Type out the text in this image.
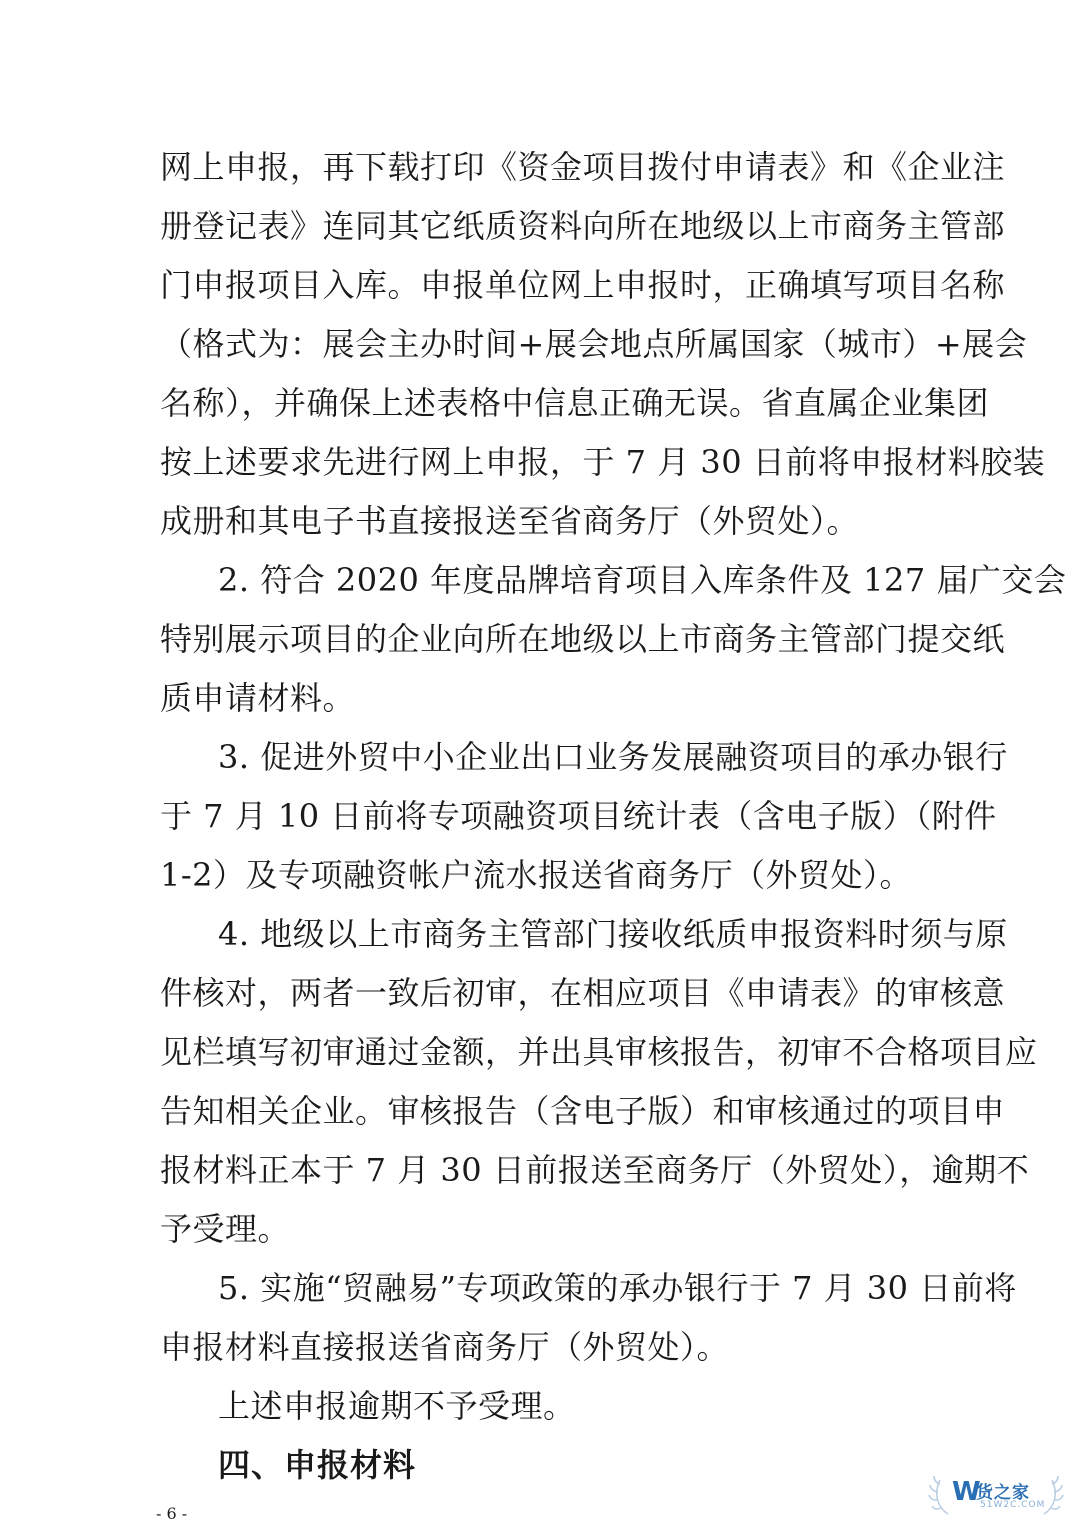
网上申报，再下载打印《资金项目拨付申请表》和《企业注
册登记表》连同其它纸质资料向所在地级以上市商务主管部
门申报项目入库。申报单位网上申报时，正确填写项目名称
（格式为：展会主办时间+展会地点所属国家（城市）+展会
名称），并确保上述表格中信息正确无误。省直属企业集团
按上述要求先进行网上申报，于 7 月 30 日前将申报材料胶装
成册和其电子书直接报送至省商务厅（外贸处）。
2. 符合 2020 年度品牌培育项目入库条件及 127 届广交会
特别展示项目的企业向所在地级以上市商务主管部门提交纸
质申请材料。
3. 促进外贸中小企业出口业务发展融资项目的承办银行
于 7 月 10 日前将专项融资项目统计表（含电子版）（附件
1-2）及专项融资帐户流水报送省商务厅（外贸处）。
4. 地级以上市商务主管部门接收纸质申报资料时须与原
件核对，两者一致后初审，在相应项目《申请表》的审核意
见栏填写初审通过金额，并出具审核报告，初审不合格项目应
告知相关企业。审核报告（含电子版）和审核通过的项目申
报材料正本于 7 月 30 日前报送至商务厅（外贸处），逾期不
予受理。
5. 实施“贸融易”专项政策的承办银行于 7 月 30 日前将
申报材料直接报送省商务厅（外贸处）。
上述申报逾期不予受理。
四、申报材料
- 6 -
W
货之家
51W2C.COM
